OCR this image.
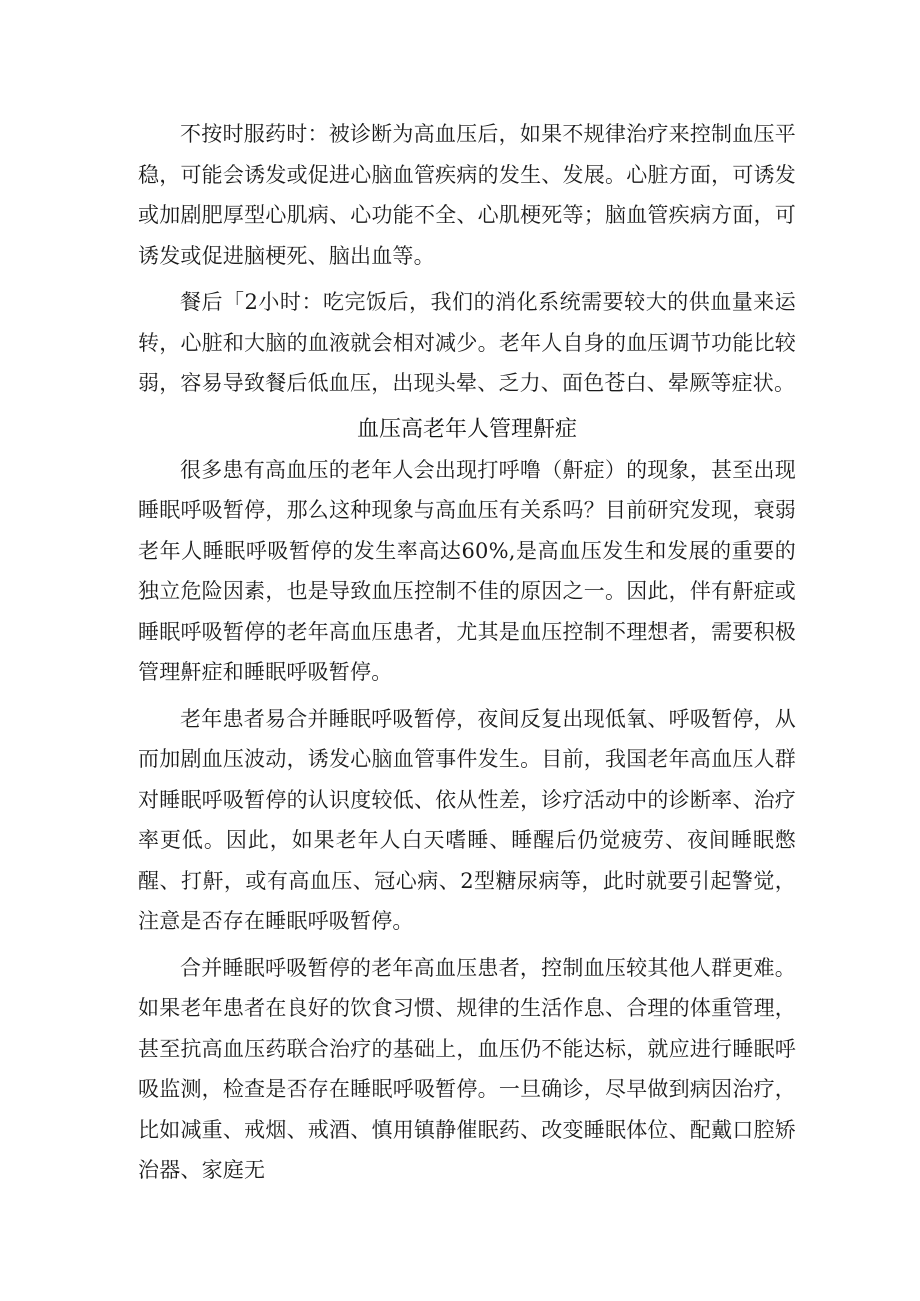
不按时服药时：被诊断为高血压后，如果不规律治疗来控制血压平稳，可能会诱发或促进心脑血管疾病的发生、发展。心脏方面，可诱发或加剧肥厚型心肌病、心功能不全、心肌梗死等；脑血管疾病方面，可诱发或促进脑梗死、脑出血等。

餐后「2小时：吃完饭后，我们的消化系统需要较大的供血量来运转，心脏和大脑的血液就会相对减少。老年人自身的血压调节功能比较弱，容易导致餐后低血压，出现头晕、乏力、面色苍白、晕厥等症状。

血压高老年人管理鼾症

很多患有高血压的老年人会出现打呼噜（鼾症）的现象，甚至出现睡眠呼吸暂停，那么这种现象与高血压有关系吗？目前研究发现，衰弱老年人睡眠呼吸暂停的发生率高达60%,是高血压发生和发展的重要的独立危险因素，也是导致血压控制不佳的原因之一。因此，伴有鼾症或睡眠呼吸暂停的老年高血压患者，尤其是血压控制不理想者，需要积极管理鼾症和睡眠呼吸暂停。

老年患者易合并睡眠呼吸暂停，夜间反复出现低氧、呼吸暂停，从而加剧血压波动，诱发心脑血管事件发生。目前，我国老年高血压人群对睡眠呼吸暂停的认识度较低、依从性差，诊疗活动中的诊断率、治疗率更低。因此，如果老年人白天嗜睡、睡醒后仍觉疲劳、夜间睡眠憋醒、打鼾，或有高血压、冠心病、2型糖尿病等，此时就要引起警觉，注意是否存在睡眠呼吸暂停。

合并睡眠呼吸暂停的老年高血压患者，控制血压较其他人群更难。如果老年患者在良好的饮食习惯、规律的生活作息、合理的体重管理，甚至抗高血压药联合治疗的基础上，血压仍不能达标，就应进行睡眠呼吸监测，检查是否存在睡眠呼吸暂停。一旦确诊，尽早做到病因治疗，比如减重、戒烟、戒酒、慎用镇静催眠药、改变睡眠体位、配戴口腔矫治器、家庭无
